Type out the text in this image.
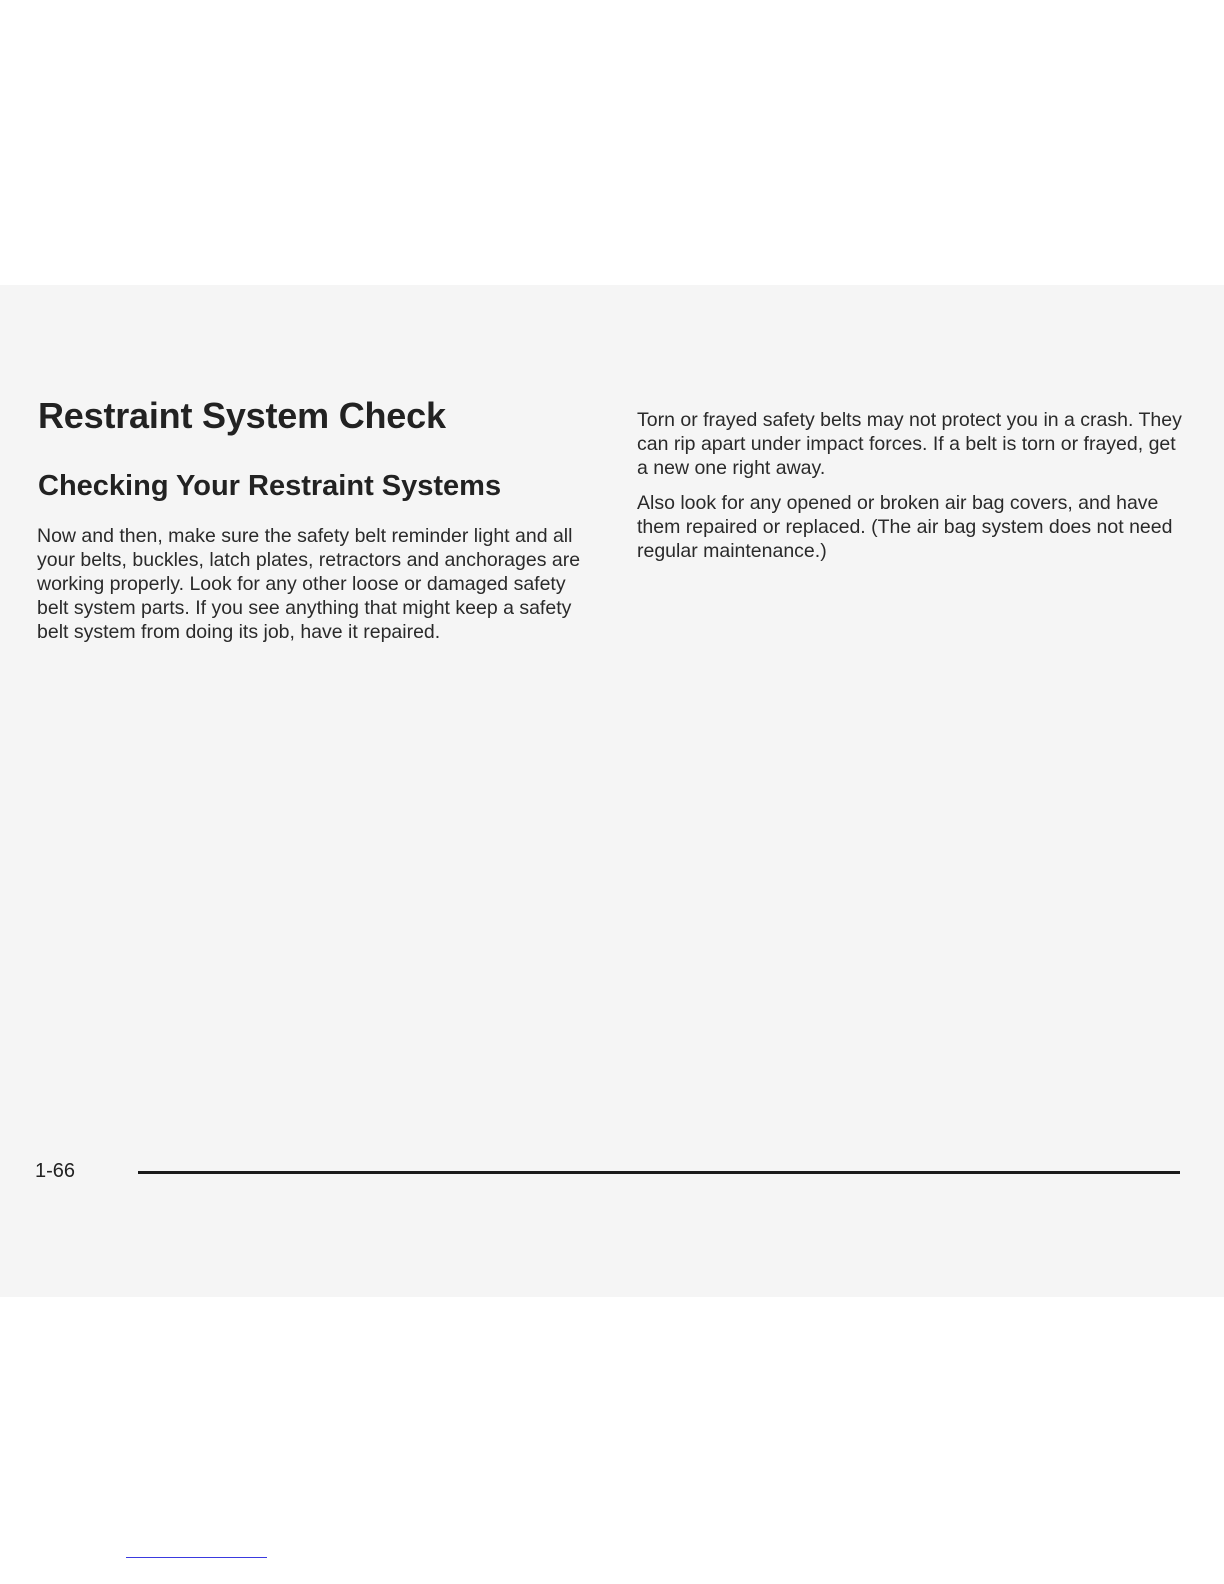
Restraint System Check
Checking Your Restraint Systems

Now and then, make sure the safety belt reminder light and all your belts, buckles, latch plates, retractors and anchorages are working properly. Look for any other loose or damaged safety belt system parts. If you see anything that might keep a safety belt system from doing its job, have it repaired.

Torn or frayed safety belts may not protect you in a crash. They can rip apart under impact forces. If a belt is torn or frayed, get a new one right away.

Also look for any opened or broken air bag covers, and have them repaired or replaced. (The air bag system does not need regular maintenance.)

1-66
